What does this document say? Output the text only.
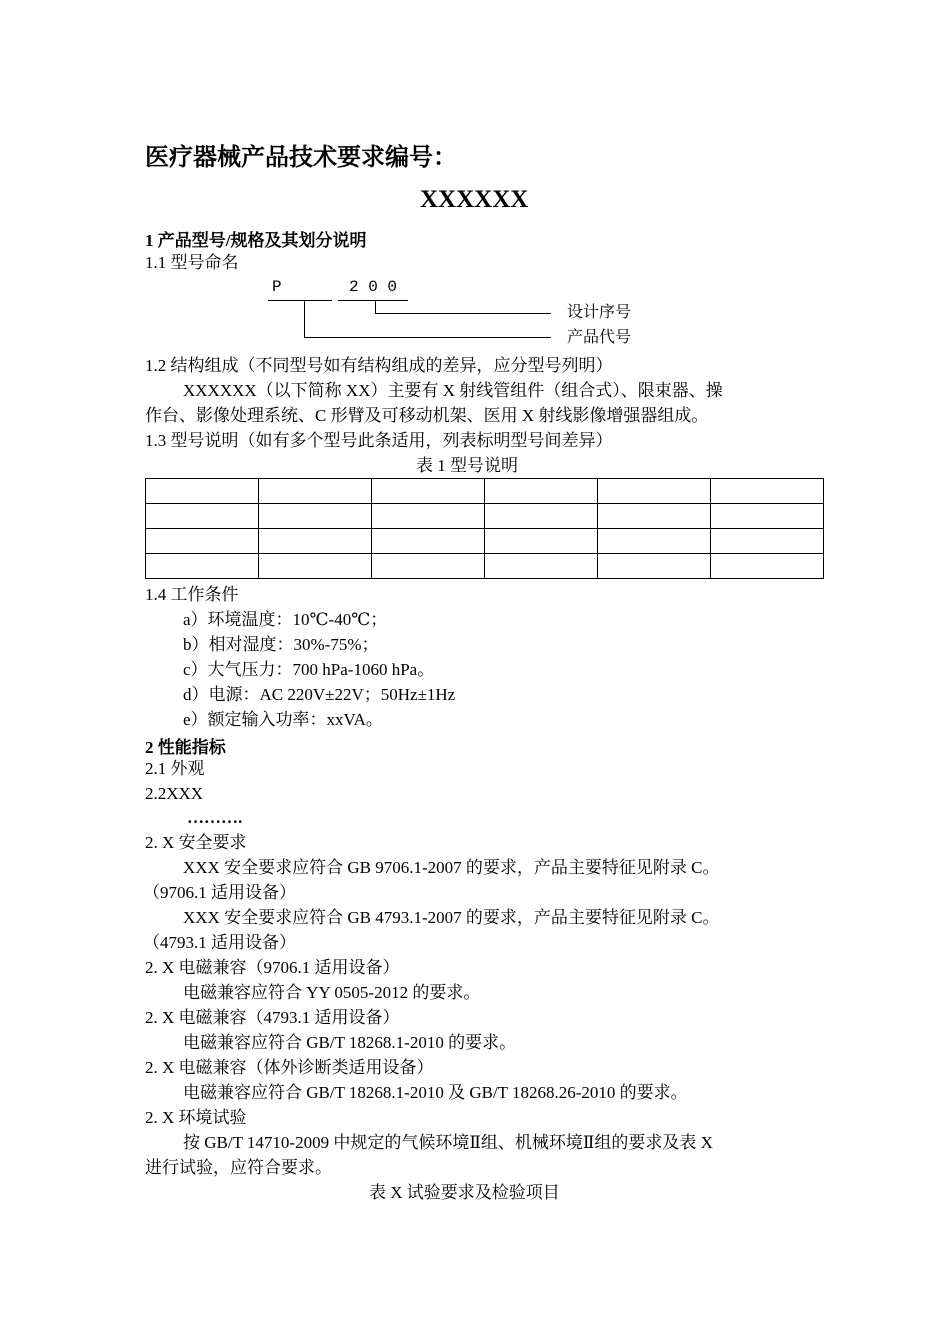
医疗器械产品技术要求编号：
XXXXXX
1 产品型号/规格及其划分说明
1.1 型号命名
P	2 0 0
设计序号
产品代号
1.2 结构组成（不同型号如有结构组成的差异，应分型号列明）
XXXXXX（以下简称 XX）主要有 X 射线管组件（组合式）、限束器、操
作台、影像处理系统、C 形臂及可移动机架、医用 X 射线影像增强器组成。
1.3 型号说明（如有多个型号此条适用，列表标明型号间差异）
表 1 型号说明

1.4 工作条件
a）环境温度：10℃-40℃；
b）相对湿度：30%-75%；
c）大气压力：700 hPa-1060 hPa。
d）电源：AC 220V±22V；50Hz±1Hz
e）额定输入功率：xxVA。
2 性能指标
2.1 外观
2.2XXX
……….
2. X 安全要求
XXX 安全要求应符合 GB 9706.1-2007 的要求，产品主要特征见附录 C。
（9706.1 适用设备）
XXX 安全要求应符合 GB 4793.1-2007 的要求，产品主要特征见附录 C。
（4793.1 适用设备）
2. X 电磁兼容（9706.1 适用设备）
电磁兼容应符合 YY 0505-2012 的要求。
2. X 电磁兼容（4793.1 适用设备）
电磁兼容应符合 GB/T 18268.1-2010 的要求。
2. X 电磁兼容（体外诊断类适用设备）
电磁兼容应符合 GB/T 18268.1-2010 及 GB/T 18268.26-2010 的要求。
2. X 环境试验
按 GB/T 14710-2009 中规定的气候环境Ⅱ组、机械环境Ⅱ组的要求及表 X
进行试验，应符合要求。
表 X 试验要求及检验项目
